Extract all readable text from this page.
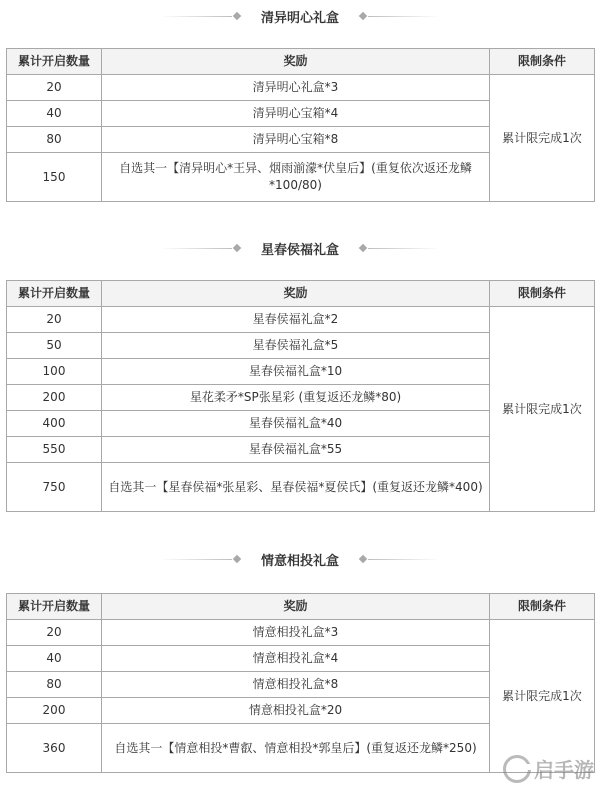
清异明心礼盒
累计开启数量	奖励	限制条件
20	清异明心礼盒*3	累计限完成1次
40	清异明心宝箱*4	
80	清异明心宝箱*8	
150	自选其一【清异明心*王异、烟雨湔濛*伏皇后】(重复依次返还龙鳞*100/80)	
星春侯福礼盒
累计开启数量	奖励	限制条件
20	星春侯福礼盒*2	累计限完成1次
50	星春侯福礼盒*5	
100	星春侯福礼盒*10	
200	星花柔矛*SP张星彩 (重复返还龙鳞*80)	
400	星春侯福礼盒*40	
550	星春侯福礼盒*55	
750	自选其一【星春侯福*张星彩、星春侯福*夏侯氏】(重复返还龙鳞*400)	
情意相投礼盒
累计开启数量	奖励	限制条件
20	情意相投礼盒*3	累计限完成1次
40	情意相投礼盒*4	
80	情意相投礼盒*8	
200	情意相投礼盒*20	
360	自选其一【情意相投*曹叡、情意相投*郭皇后】(重复返还龙鳞*250)	
启手游
